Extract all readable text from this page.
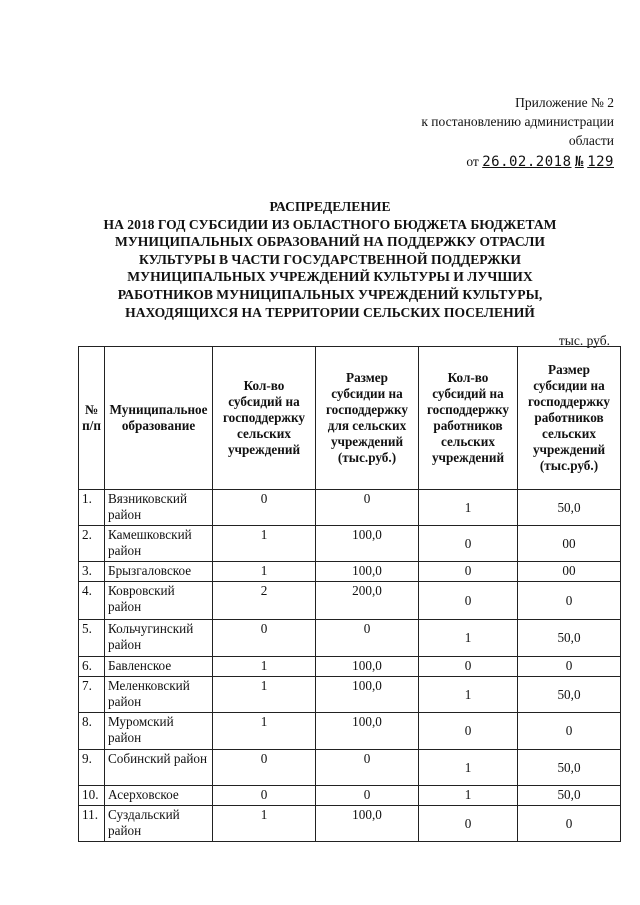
Приложение № 2
к постановлению администрации
области
от 26.02.2018 № 129
РАСПРЕДЕЛЕНИЕ
НА 2018 ГОД СУБСИДИИ ИЗ ОБЛАСТНОГО БЮДЖЕТА БЮДЖЕТАМ
МУНИЦИПАЛЬНЫХ ОБРАЗОВАНИЙ НА ПОДДЕРЖКУ ОТРАСЛИ
КУЛЬТУРЫ В ЧАСТИ ГОСУДАРСТВЕННОЙ ПОДДЕРЖКИ
МУНИЦИПАЛЬНЫХ УЧРЕЖДЕНИЙ КУЛЬТУРЫ И ЛУЧШИХ
РАБОТНИКОВ МУНИЦИПАЛЬНЫХ УЧРЕЖДЕНИЙ КУЛЬТУРЫ,
НАХОДЯЩИХСЯ НА ТЕРРИТОРИИ СЕЛЬСКИХ ПОСЕЛЕНИЙ
тыс. руб.
№ п/п	Муниципальное образование	Кол-во субсидий на господдержку сельских учреждений	Размер субсидии на господдержку для сельских учреждений (тыс.руб.)	Кол-во субсидий на господдержку работников сельских учреждений	Размер субсидии на господдержку работников сельских учреждений (тыс.руб.)
1.	Вязниковский район	0	0	1	50,0
2.	Камешковский район	1	100,0	0	00
3.	Брызгаловское	1	100,0	0	00
4.	Ковровский район	2	200,0	0	0
5.	Кольчугинский район	0	0	1	50,0
6.	Бавленское	1	100,0	0	0
7.	Меленковский район	1	100,0	1	50,0
8.	Муромский район	1	100,0	0	0
9.	Собинский район	0	0	1	50,0
10.	Асерховское	0	0	1	50,0
11.	Суздальский район	1	100,0	0	0
